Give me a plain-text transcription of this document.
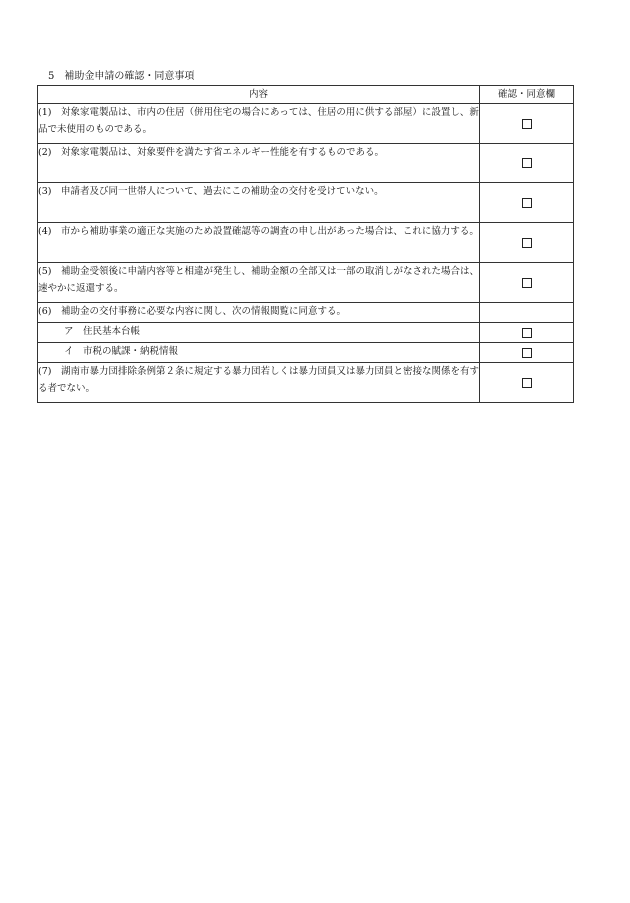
5　補助金申請の確認・同意事項
内容	確認・同意欄
(1)　 対象家電製品は、市内の住居（併用住宅の場合にあっては、住居の用に供する部屋）に設置し、新品で未使用のものである。	
(2)　 対象家電製品は、対象要件を満たす省エネルギー性能を有するものである。	
(3)　 申請者及び同一世帯人について、過去にこの補助金の交付を受けていない。	
(4)　 市から補助事業の適正な実施のため設置確認等の調査の申し出があった場合は、これに協力する。	
(5)　 補助金受領後に申請内容等と相違が発生し、補助金額の全部又は一部の取消しがなされた場合は、速やかに返還する。	
(6)　 補助金の交付事務に必要な内容に関し、次の情報閲覧に同意する。	
ア　 住民基本台帳	
イ　 市税の賦課・納税情報	
(7)　 湖南市暴力団排除条例第２条に規定する暴力団若しくは暴力団員又は暴力団員と密接な関係を有する者でない。	
